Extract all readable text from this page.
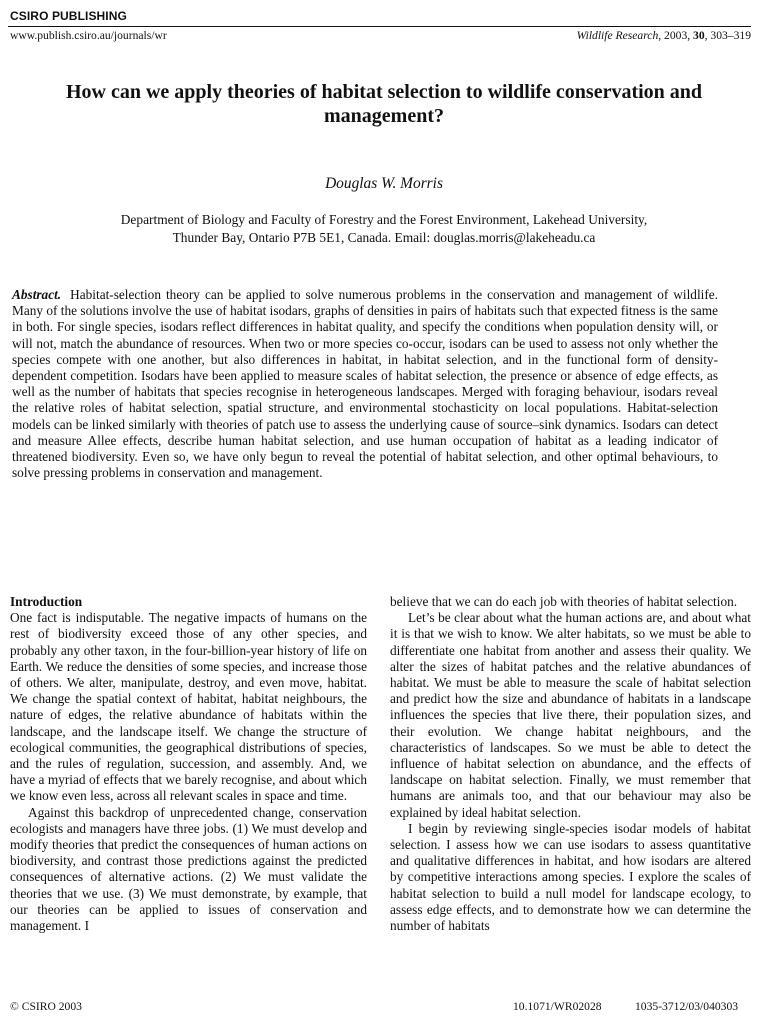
CSIRO PUBLISHING
www.publish.csiro.au/journals/wr	Wildlife Research, 2003, 30, 303–319
How can we apply theories of habitat selection to wildlife conservation and management?
Douglas W. Morris
Department of Biology and Faculty of Forestry and the Forest Environment, Lakehead University,
Thunder Bay, Ontario P7B 5E1, Canada. Email: douglas.morris@lakeheadu.ca
Abstract. Habitat-selection theory can be applied to solve numerous problems in the conservation and management of wildlife. Many of the solutions involve the use of habitat isodars, graphs of densities in pairs of habitats such that expected fitness is the same in both. For single species, isodars reflect differences in habitat quality, and specify the conditions when population density will, or will not, match the abundance of resources. When two or more species co-occur, isodars can be used to assess not only whether the species compete with one another, but also differences in habitat, in habitat selection, and in the functional form of density-dependent competition. Isodars have been applied to measure scales of habitat selection, the presence or absence of edge effects, as well as the number of habitats that species recognise in heterogeneous landscapes. Merged with foraging behaviour, isodars reveal the relative roles of habitat selection, spatial structure, and environmental stochasticity on local populations. Habitat-selection models can be linked similarly with theories of patch use to assess the underlying cause of source–sink dynamics. Isodars can detect and measure Allee effects, describe human habitat selection, and use human occupation of habitat as a leading indicator of threatened biodiversity. Even so, we have only begun to reveal the potential of habitat selection, and other optimal behaviours, to solve pressing problems in conservation and management.
Introduction

One fact is indisputable. The negative impacts of humans on the rest of biodiversity exceed those of any other species, and probably any other taxon, in the four-billion-year history of life on Earth. We reduce the densities of some species, and increase those of others. We alter, manipulate, destroy, and even move, habitat. We change the spatial context of habitat, habitat neighbours, the nature of edges, the relative abundance of habitats within the landscape, and the landscape itself. We change the structure of ecological communities, the geographical distributions of species, and the rules of regulation, succession, and assembly. And, we have a myriad of effects that we barely recognise, and about which we know even less, across all relevant scales in space and time.

Against this backdrop of unprecedented change, conservation ecologists and managers have three jobs. (1) We must develop and modify theories that predict the consequences of human actions on biodiversity, and contrast those predictions against the predicted consequences of alternative actions. (2) We must validate the theories that we use. (3) We must demonstrate, by example, that our theories can be applied to issues of conservation and management. I

believe that we can do each job with theories of habitat selection.

Let’s be clear about what the human actions are, and about what it is that we wish to know. We alter habitats, so we must be able to differentiate one habitat from another and assess their quality. We alter the sizes of habitat patches and the relative abundances of habitat. We must be able to measure the scale of habitat selection and predict how the size and abundance of habitats in a landscape influences the species that live there, their population sizes, and their evolution. We change habitat neighbours, and the characteristics of landscapes. So we must be able to detect the influence of habitat selection on abundance, and the effects of landscape on habitat selection. Finally, we must remember that humans are animals too, and that our behaviour may also be explained by ideal habitat selection.

I begin by reviewing single-species isodar models of habitat selection. I assess how we can use isodars to assess quantitative and qualitative differences in habitat, and how isodars are altered by competitive interactions among species. I explore the scales of habitat selection to build a null model for landscape ecology, to assess edge effects, and to demonstrate how we can determine the number of habitats

© CSIRO 2003	10.1071/WR02028	1035-3712/03/040303
